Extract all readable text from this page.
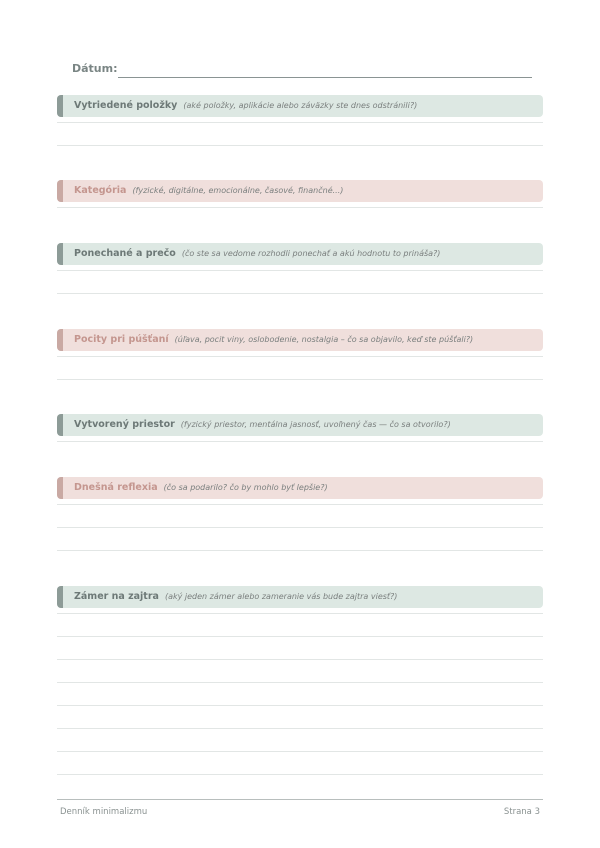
Dátum:
Vytriedené položky (aké položky, aplikácie alebo záväzky ste dnes odstránili?)
Kategória (fyzické, digitálne, emocionálne, časové, finančné...)
Ponechané a prečo (čo ste sa vedome rozhodli ponechať a akú hodnotu to prináša?)
Pocity pri púšťaní (úľava, pocit viny, oslobodenie, nostalgia – čo sa objavilo, keď ste púšťali?)
Vytvorený priestor (fyzický priestor, mentálna jasnosť, uvoľnený čas — čo sa otvorilo?)
Dnešná reflexia (čo sa podarilo? čo by mohlo byť lepšie?)
Zámer na zajtra (aký jeden zámer alebo zameranie vás bude zajtra viesť?)
Denník minimalizmu	Strana 3
